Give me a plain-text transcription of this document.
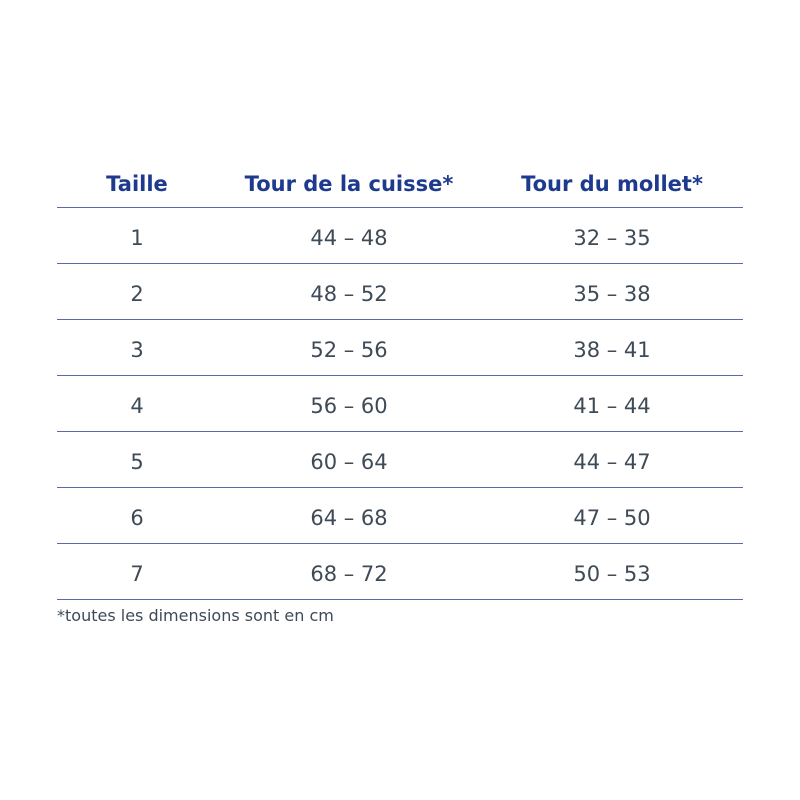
Taille	Tour de la cuisse*	Tour du mollet*
1	44 – 48	32 – 35
2	48 – 52	35 – 38
3	52 – 56	38 – 41
4	56 – 60	41 – 44
5	60 – 64	44 – 47
6	64 – 68	47 – 50
7	68 – 72	50 – 53
*toutes les dimensions sont en cm
